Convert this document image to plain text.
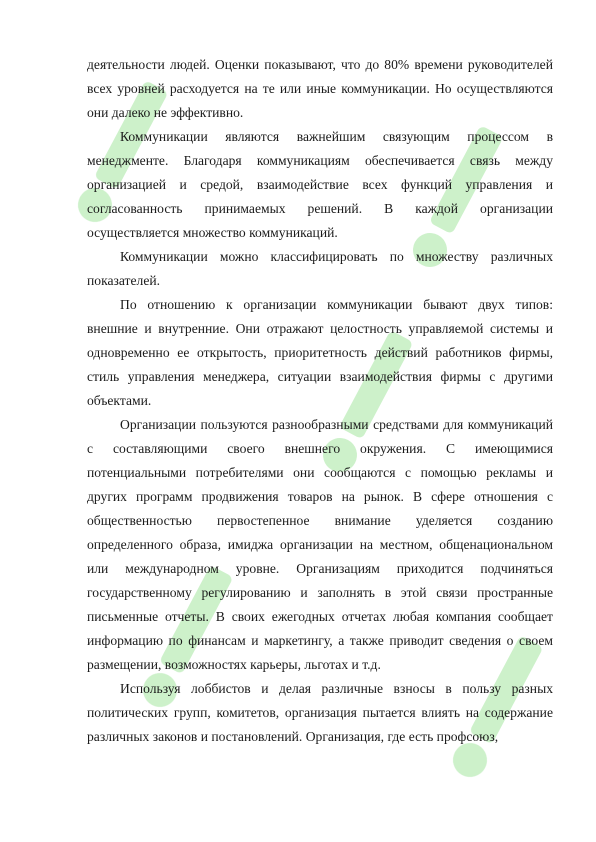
деятельности людей. Оценки показывают, что до 80% времени руководителей всех уровней расходуется на те или иные коммуникации. Но осуществляются они далеко не эффективно.

Коммуникации являются важнейшим связующим процессом в менеджменте. Благодаря коммуникациям обеспечивается связь между организацией и средой, взаимодействие всех функций управления и согласованность принимаемых решений. В каждой организации осуществляется множество коммуникаций.

Коммуникации можно классифицировать по множеству различных показателей.

По отношению к организации коммуникации бывают двух типов: внешние и внутренние. Они отражают целостность управляемой системы и одновременно ее открытость, приоритетность действий работников фирмы, стиль управления менеджера, ситуации взаимодействия фирмы с другими объектами.

Организации пользуются разнообразными средствами для коммуникаций с составляющими своего внешнего окружения. С имеющимися потенциальными потребителями они сообщаются с помощью рекламы и других программ продвижения товаров на рынок. В сфере отношения с общественностью первостепенное внимание уделяется созданию определенного образа, имиджа организации на местном, общенациональном или международном уровне. Организациям приходится подчиняться государственному регулированию и заполнять в этой связи пространные письменные отчеты. В своих ежегодных отчетах любая компания сообщает информацию по финансам и маркетингу, а также приводит сведения о своем размещении, возможностях карьеры, льготах и т.д.

Используя лоббистов и делая различные взносы в пользу разных политических групп, комитетов, организация пытается влиять на содержание различных законов и постановлений. Организация, где есть профсоюз,
